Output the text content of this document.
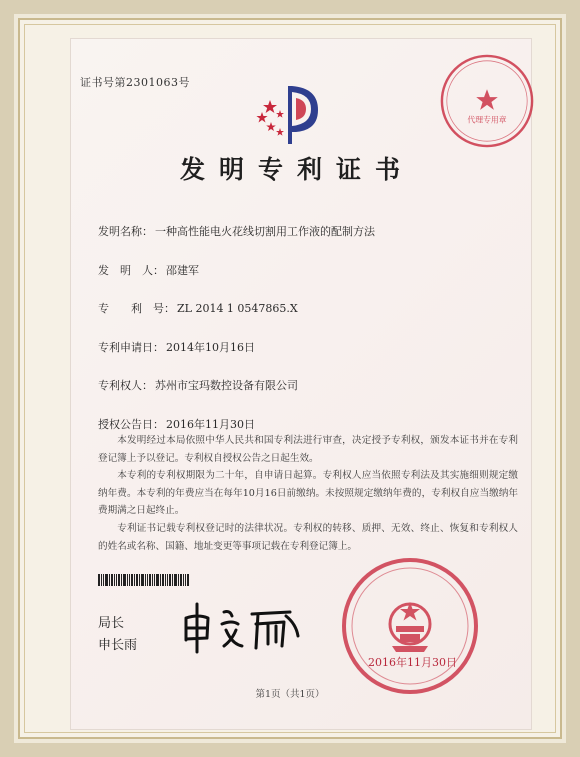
证书号第2301063号
代理专用章
发明专利证书
发明名称： 一种高性能电火花线切割用工作液的配制方法
发　明　人： 邵建军
专　　利　号： ZL 2014 1 0547865.X
专利申请日： 2014年10月16日
专利权人： 苏州市宝玛数控设备有限公司
授权公告日： 2016年11月30日
本发明经过本局依照中华人民共和国专利法进行审查，决定授予专利权，颁发本证书并在专利登记簿上予以登记。专利权自授权公告之日起生效。
本专利的专利权期限为二十年，自申请日起算。专利权人应当依照专利法及其实施细则规定缴纳年费。本专利的年费应当在每年10月16日前缴纳。未按照规定缴纳年费的，专利权自应当缴纳年费期满之日起终止。
专利证书记载专利权登记时的法律状况。专利权的转移、质押、无效、终止、恢复和专利权人的姓名或名称、国籍、地址变更等事项记载在专利登记簿上。
局长
申长雨
2016年11月30日
第1页（共1页）
